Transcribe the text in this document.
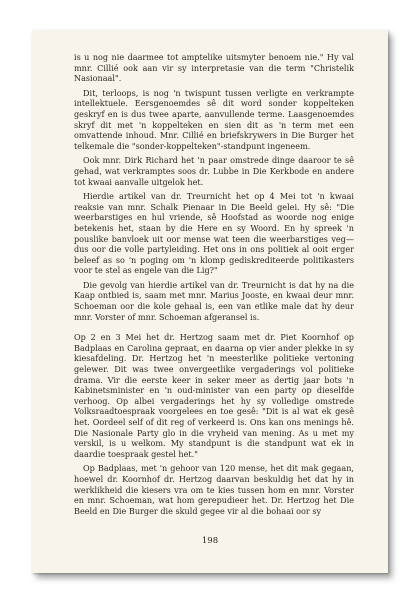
is u nog nie daarmee tot amptelike uitsmyter benoem nie." Hy val mnr. Cillié ook aan vir sy interpretasie van die term "Christelik Nasionaal".

Dit, terloops, is nog 'n twispunt tussen verligte en verkrampte intellektuele. Eersgenoemdes sê dit word sonder koppelteken geskryf en is dus twee aparte, aanvullende terme. Laasgenoemdes skryf dit met 'n koppelteken en sien dit as 'n term met een omvattende inhoud. Mnr. Cillié en briefskrywers in Die Burger het telkemale die "sonder-koppelteken"-standpunt ingeneem.

Ook mnr. Dirk Richard het 'n paar omstrede dinge daaroor te sê gehad, wat verkramptes soos dr. Lubbe in Die Kerkbode en andere tot kwaai aanvalle uitgelok het.

Hierdie artikel van dr. Treurnicht het op 4 Mei tot 'n kwaai reaksie van mnr. Schalk Pienaar in Die Beeld gelei. Hy sê: "Die weerbarstiges en hul vriende, sê Hoofstad as woorde nog enige betekenis het, staan by die Here en sy Woord. En hy spreek 'n pouslike banvloek uit oor mense wat teen die weerbarstiges veg—dus oor die volle partyleiding. Het ons in ons politiek al ooit erger beleef as so 'n poging om 'n klomp gediskrediteerde politikasters voor te stel as engele van die Lig?"

Die gevolg van hierdie artikel van dr. Treurnicht is dat hy na die Kaap ontbied is, saam met mnr. Marius Jooste, en kwaai deur mnr. Schoeman oor die kole gehaal is, een van etlike male dat hy deur mnr. Vorster of mnr. Schoeman afgeransel is.

Op 2 en 3 Mei het dr. Hertzog saam met dr. Piet Koornhof op Badplaas en Carolina gepraat, en daarna op vier ander plekke in sy kiesafdeling. Dr. Hertzog het 'n meesterlike politieke vertoning gelewer. Dit was twee onvergeetlike vergaderings vol politieke drama. Vir die eerste keer in seker meer as dertig jaar bots 'n Kabinetsminister en 'n oud-minister van een party op dieselfde verhoog. Op albei vergaderings het hy sy volledige omstrede Volksraadtoespraak voorgelees en toe gesê: "Dit is al wat ek gesê het. Oordeel self of dit reg of verkeerd is. Ons kan ons menings hê. Die Nasionale Party glo in die vryheid van mening. As u met my verskil, is u welkom. My standpunt is die standpunt wat ek in daardie toespraak gestel het."

Op Badplaas, met 'n gehoor van 120 mense, het dit mak gegaan, hoewel dr. Koornhof dr. Hertzog daarvan beskuldig het dat hy in werklikheid die kiesers vra om te kies tussen hom en mnr. Vorster en mnr. Schoeman, wat hom gerepudieer het. Dr. Hertzog het Die Beeld en Die Burger die skuld gegee vir al die bohaai oor sy

198
